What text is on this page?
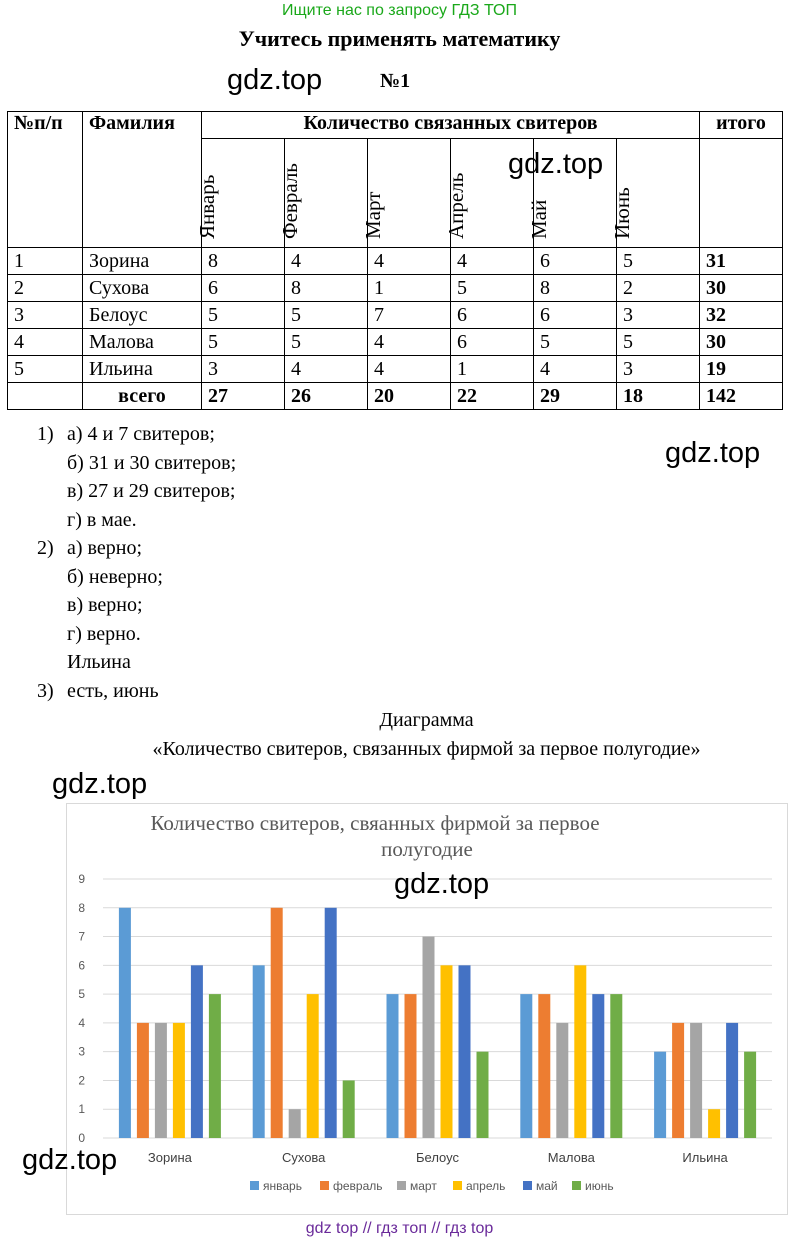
Ищите нас по запросу ГДЗ ТОП
Учитесь применять математику
gdz.top	№1
№п/п	Фамилия	Количество связанных свитеров						итого

		Январь	Февраль	Март	Апрель	Май	Июнь	

1	Зорина	8	4	4	4	6	5	31
2	Сухова	6	8	1	5	8	2	30
3	Белоус	5	5	7	6	6	3	32
4	Малова	5	5	4	6	5	5	30
5	Ильина	3	4	4	1	4	3	19
	всего	27	26	20	22	29	18	142
gdz.top
1) а) 4 и 7 свитеров;
б) 31 и 30 свитеров;
в) 27 и 29 свитеров;
г) в мае.
2) а) верно;
б) неверно;
в) верно;
г) верно.
Ильина
3) есть, июнь
gdz.top
Диаграмма
«Количество свитеров, связанных фирмой за первое полугодие»
gdz.top
Количество свитеров, свяанных фирмой за первое
полугодие
0
1
2
3
4
5
6
7
8
9
Зорина	Сухова	Белоус	Малова	Ильина
январь	февраль март апрель	май июнь
gdz.top
gdz.top
gdz top // гдз топ // гдз top
